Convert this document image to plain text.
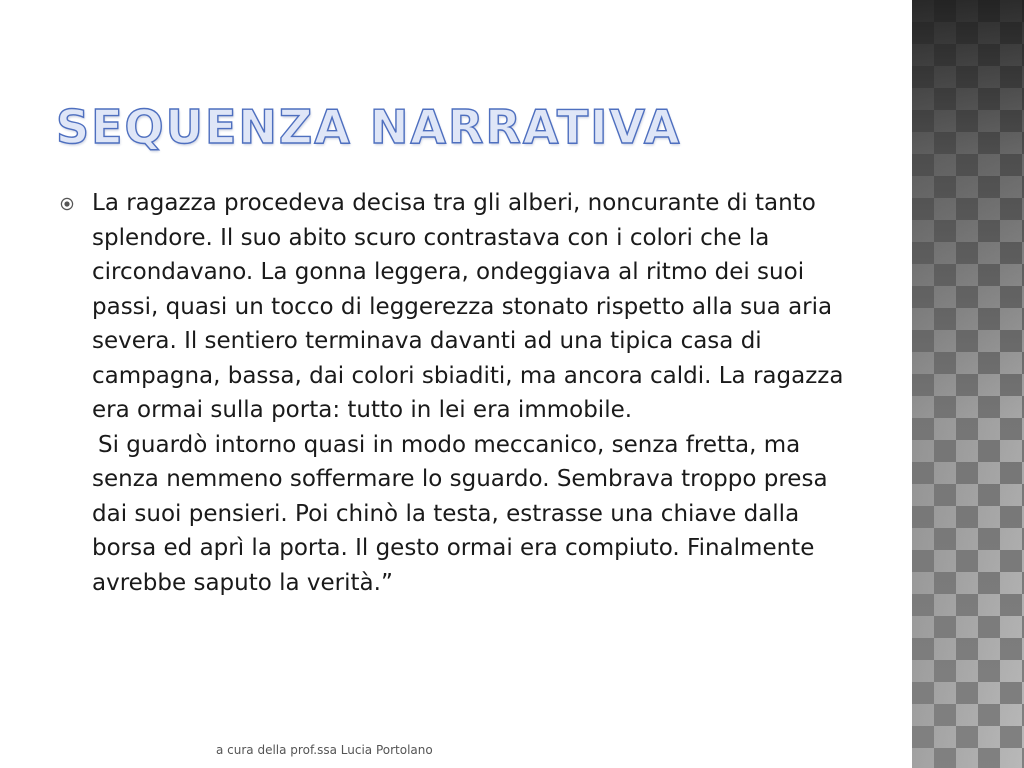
SEQUENZA NARRATIVA

La ragazza procedeva decisa tra gli alberi, noncurante di tanto splendore. Il suo abito scuro contrastava con i colori che la circondavano. La gonna leggera, ondeggiava al ritmo dei suoi passi, quasi un tocco di leggerezza stonato rispetto alla sua aria severa. Il sentiero terminava davanti ad una tipica casa di campagna, bassa, dai colori sbiaditi, ma ancora caldi. La ragazza era ormai sulla porta: tutto in lei era immobile.

Si guardò intorno quasi in modo meccanico, senza fretta, ma senza nemmeno soffermare lo sguardo. Sembrava troppo presa dai suoi pensieri. Poi chinò la testa, estrasse una chiave dalla borsa ed aprì la porta. Il gesto ormai era compiuto. Finalmente avrebbe saputo la verità.”

a cura della prof.ssa Lucia Portolano
